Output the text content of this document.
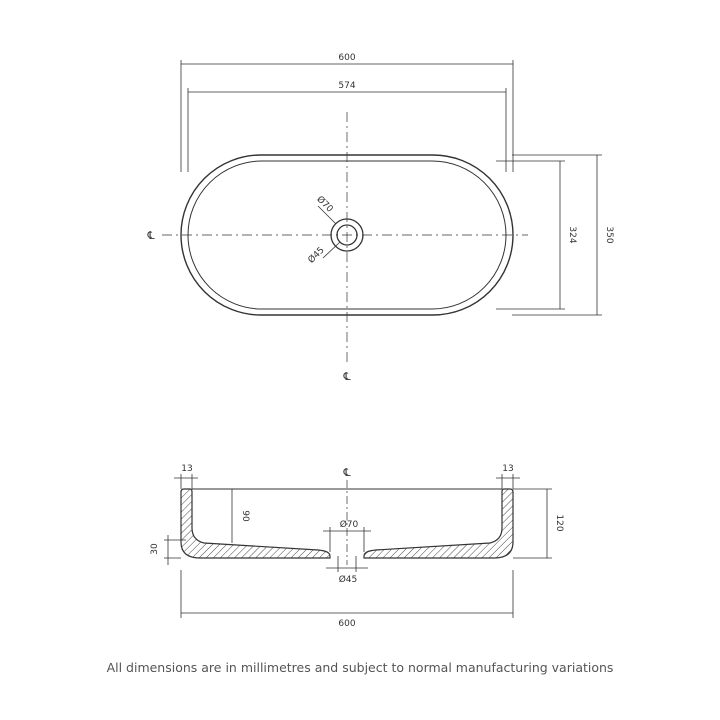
600
574
324	350
Ø70
Ø45
℄
℄
℄
13	13
90
30
120
Ø70
Ø45
600
All dimensions are in millimetres and subject to normal manufacturing variations
